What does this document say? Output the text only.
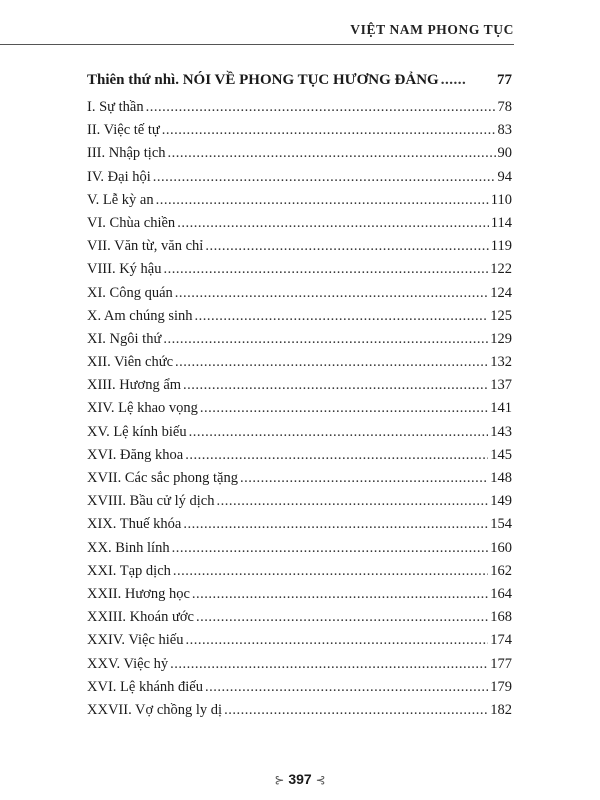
VIỆT NAM PHONG TỤC
Thiên thứ nhì. NÓI VỀ PHONG TỤC HƯƠNG ĐẢNG ......	77
I. Sự thần .....	78
II. Việc tế tự .....	83
III. Nhập tịch .....	90
IV. Đại hội .....	94
V. Lễ kỳ an .....	110
VI. Chùa chiền .....	114
VII. Văn từ, văn chỉ .....	119
VIII. Ký hậu .....	122
XI. Công quán .....	124
X. Am chúng sinh .....	125
XI. Ngôi thứ .....	129
XII. Viên chức .....	132
XIII. Hương ẩm .....	137
XIV. Lệ khao vọng .....	141
XV. Lệ kính biếu .....	143
XVI. Đăng khoa .....	145
XVII. Các sắc phong tặng .....	148
XVIII. Bầu cử lý dịch .....	149
XIX. Thuế khóa .....	154
XX. Binh lính .....	160
XXI. Tạp dịch .....	162
XXII. Hương học .....	164
XXIII. Khoán ước .....	168
XXIV. Việc hiếu .....	174
XXV. Việc hỷ .....	177
XVI. Lệ khánh điếu .....	179
XXVII. Vợ chồng ly dị .....	182
⊱ 397 ⊰
